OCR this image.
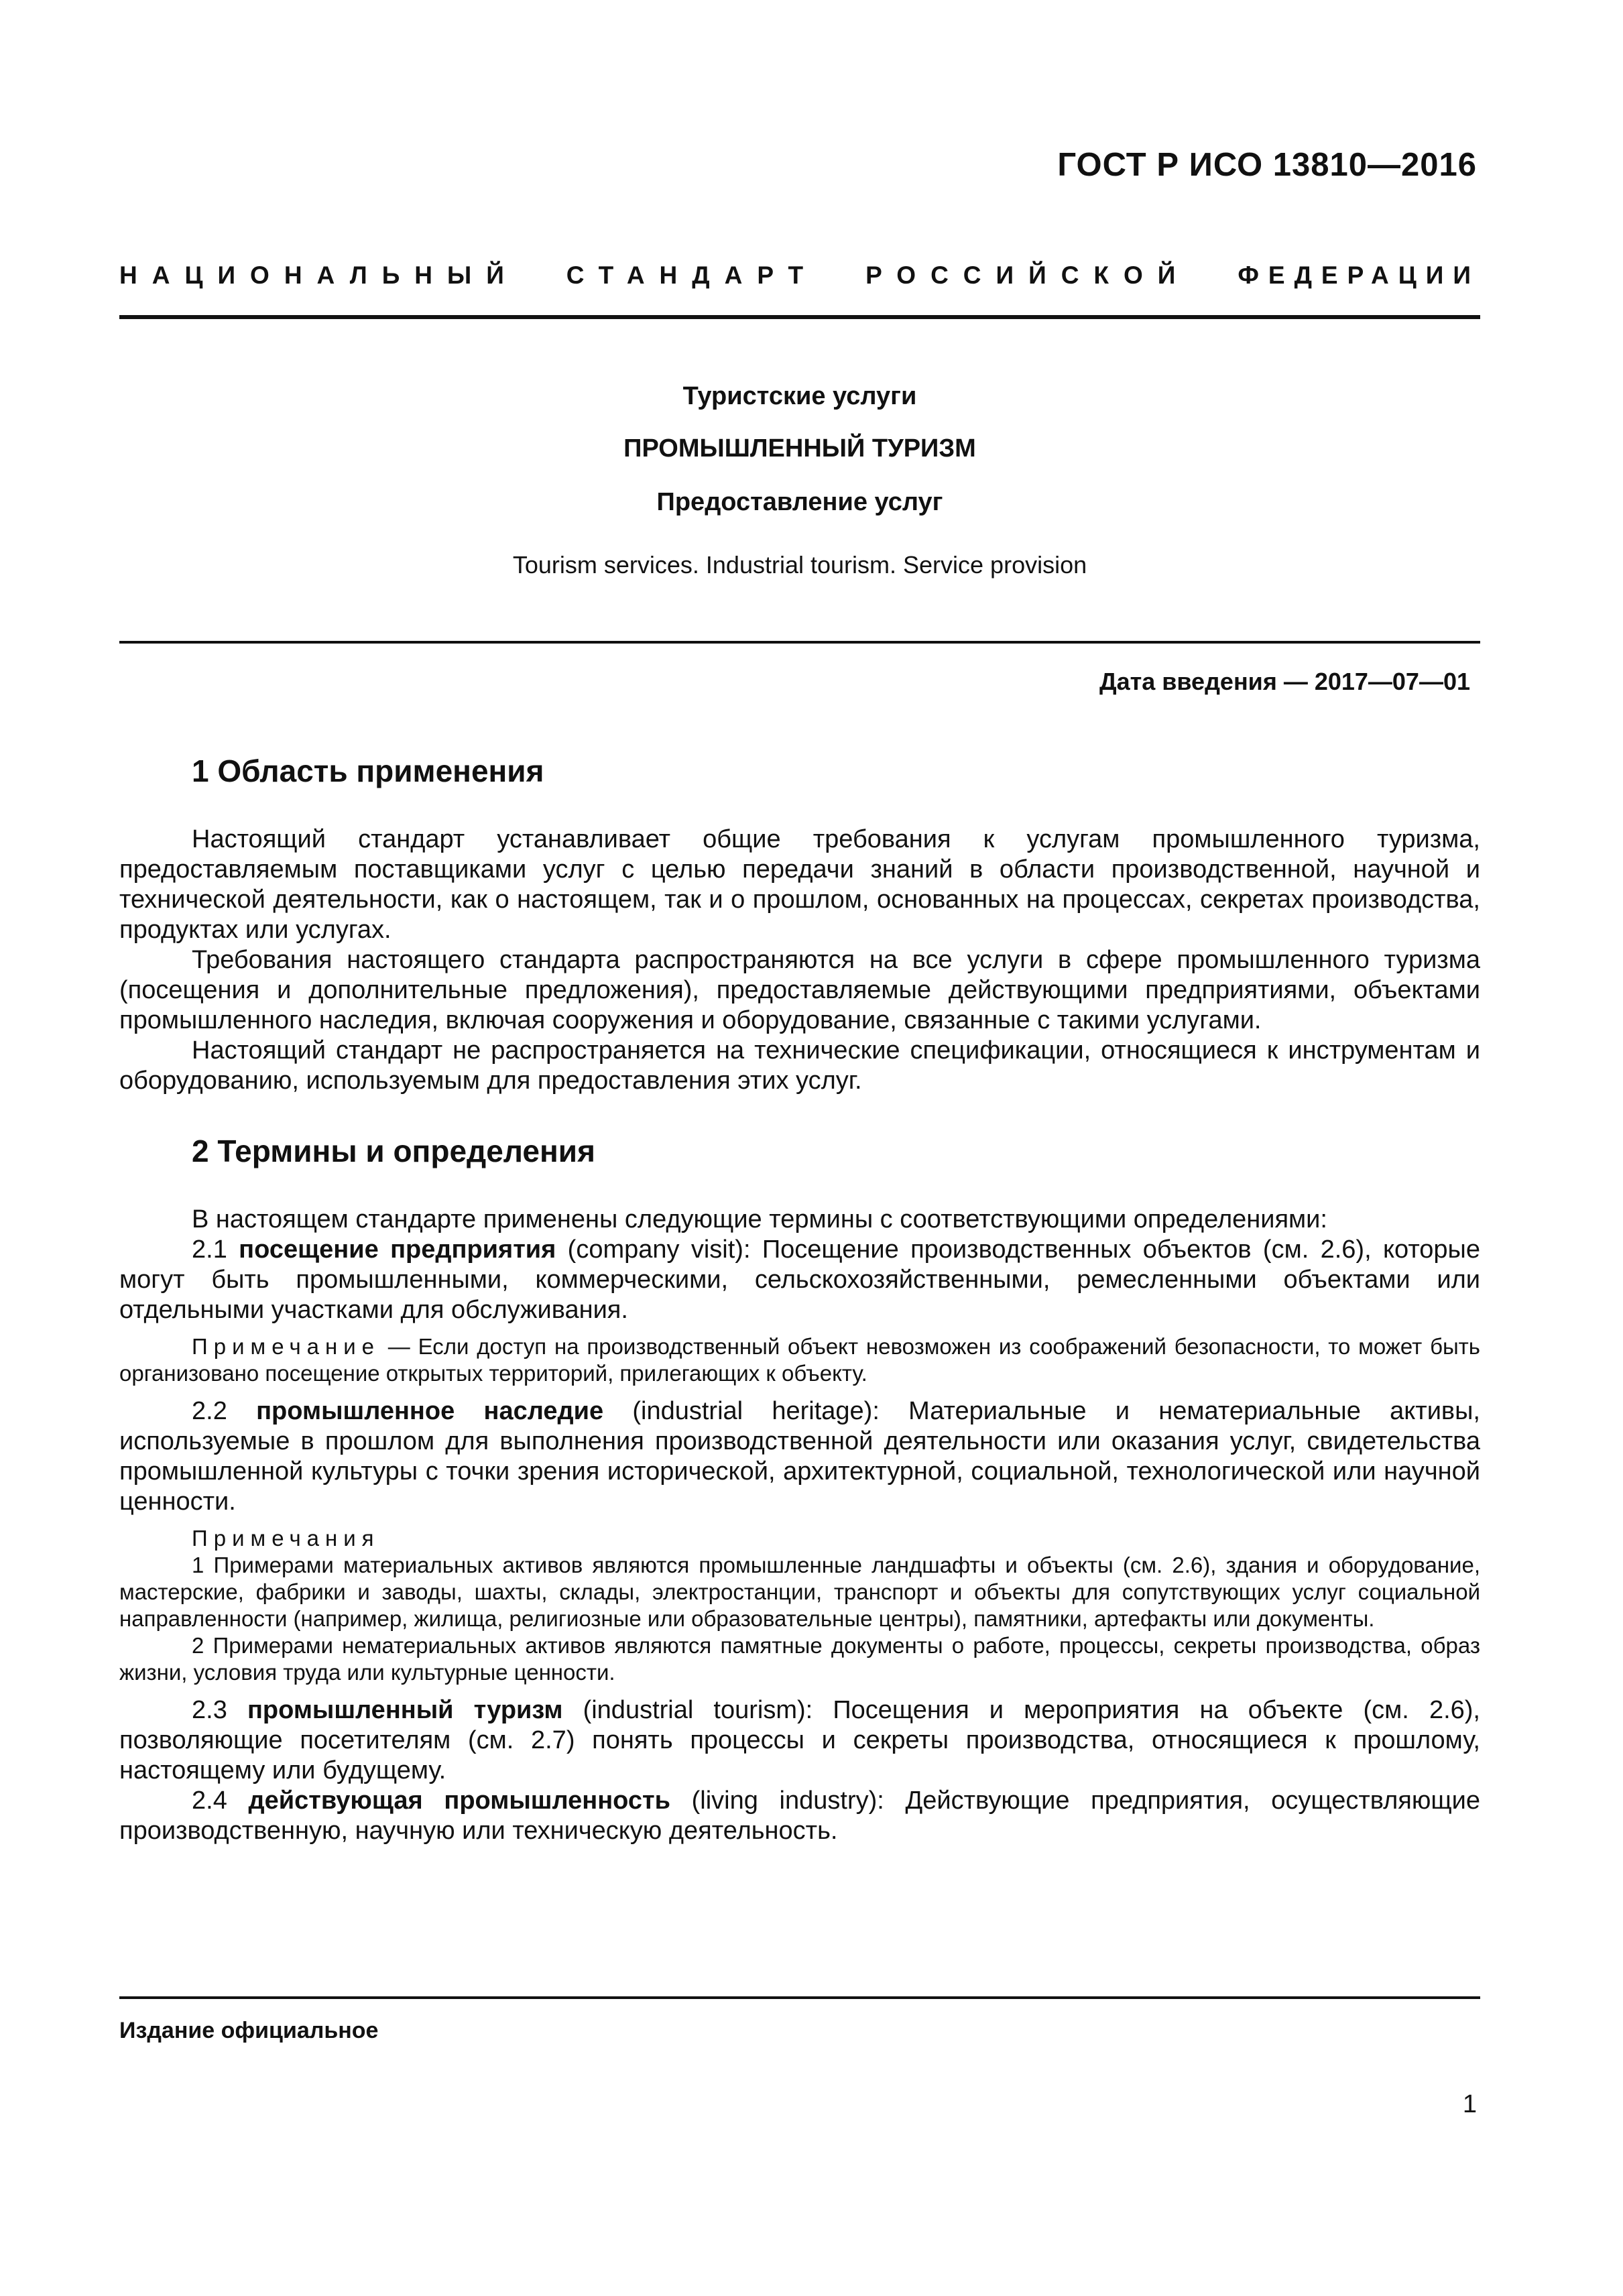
ГОСТ Р ИСО 13810—2016
НАЦИОНАЛЬНЫЙ СТАНДАРТ РОССИЙСКОЙ ФЕДЕРАЦИИ
Туристские услуги
ПРОМЫШЛЕННЫЙ ТУРИЗМ
Предоставление услуг
Tourism services. Industrial tourism. Service provision
Дата введения — 2017—07—01
1 Область применения

Настоящий стандарт устанавливает общие требования к услугам промышленного туризма, предоставляемым поставщиками услуг с целью передачи знаний в области производственной, научной и технической деятельности, как о настоящем, так и о прошлом, основанных на процессах, секретах производства, продуктах или услугах.

Требования настоящего стандарта распространяются на все услуги в сфере промышленного туризма (посещения и дополнительные предложения), предоставляемые действующими предприятиями, объектами промышленного наследия, включая сооружения и оборудование, связанные с такими услугами.

Настоящий стандарт не распространяется на технические спецификации, относящиеся к инструментам и оборудованию, используемым для предоставления этих услуг.

2 Термины и определения

В настоящем стандарте применены следующие термины с соответствующими определениями:

2.1 посещение предприятия (company visit): Посещение производственных объектов (см. 2.6), которые могут быть промышленными, коммерческими, сельскохозяйственными, ремесленными объектами или отдельными участками для обслуживания.

Примечание — Если доступ на производственный объект невозможен из соображений безопасности, то может быть организовано посещение открытых территорий, прилегающих к объекту.

2.2 промышленное наследие (industrial heritage): Материальные и нематериальные активы, используемые в прошлом для выполнения производственной деятельности или оказания услуг, свидетельства промышленной культуры с точки зрения исторической, архитектурной, социальной, технологической или научной ценности.

Примечания

1 Примерами материальных активов являются промышленные ландшафты и объекты (см. 2.6), здания и оборудование, мастерские, фабрики и заводы, шахты, склады, электростанции, транспорт и объекты для сопутствующих услуг социальной направленности (например, жилища, религиозные или образовательные центры), памятники, артефакты или документы.

2 Примерами нематериальных активов являются памятные документы о работе, процессы, секреты производства, образ жизни, условия труда или культурные ценности.

2.3 промышленный туризм (industrial tourism): Посещения и мероприятия на объекте (см. 2.6), позволяющие посетителям (см. 2.7) понять процессы и секреты производства, относящиеся к прошлому, настоящему или будущему.

2.4 действующая промышленность (living industry): Действующие предприятия, осуществляющие производственную, научную или техническую деятельность.

Издание официальное
1
